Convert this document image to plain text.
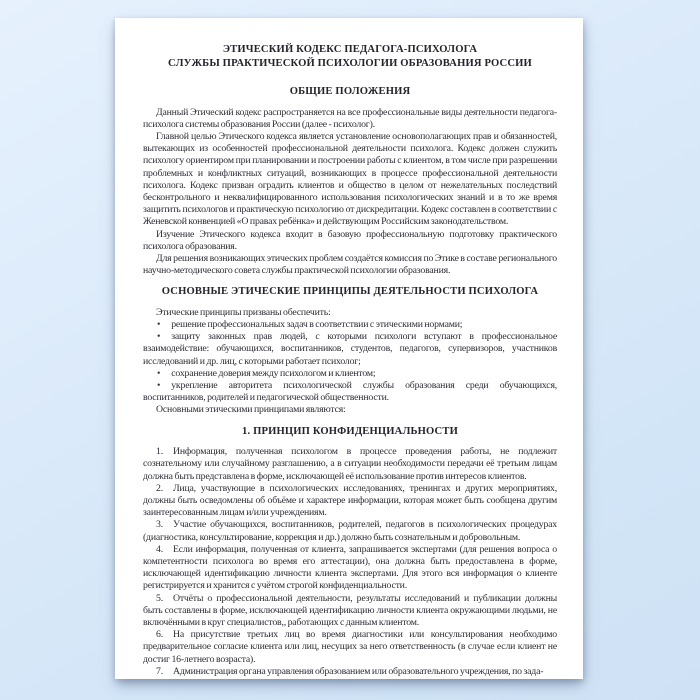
ЭТИЧЕСКИЙ КОДЕКС ПЕДАГОГА-ПСИХОЛОГА
СЛУЖБЫ ПРАКТИЧЕСКОЙ ПСИХОЛОГИИ ОБРАЗОВАНИЯ РОССИИ
ОБЩИЕ ПОЛОЖЕНИЯ

Данный Этический кодекс распространяется на все профессиональные виды деятельности педагога-психолога системы образования России (далее - психолог).

Главной целью Этического кодекса является установление основополагающих прав и обязанностей, вытекающих из особенностей профессиональной деятельности психолога. Кодекс должен служить психологу ориентиром при планировании и построении работы с клиентом, в том числе при разрешении проблемных и конфликтных ситуаций, возникающих в процессе профессиональной деятельности психолога. Кодекс призван оградить клиентов и общество в целом от нежелательных последствий бесконтрольного и неквалифицированного использования психологических знаний и в то же время защитить психологов и практическую психологию от дискредитации. Кодекс составлен в соответствии с Женевской конвенцией «О правах ребёнка» и действующим Российским законодательством.

Изучение Этического кодекса входит в базовую профессиональную подготовку практического психолога образования.

Для решения возникающих этических проблем создаётся комиссия по Этике в составе регионального научно-методического совета службы практической психологии образования.

ОСНОВНЫЕ ЭТИЧЕСКИЕ ПРИНЦИПЫ ДЕЯТЕЛЬНОСТИ ПСИХОЛОГА

Этические принципы призваны обеспечить:

• решение профессиональных задач в соответствии с этическими нормами;

• защиту законных прав людей, с которыми психологи вступают в профессиональное взаимодействие: обучающихся, воспитанников, студентов, педагогов, супервизоров, участников исследований и др. лиц, с которыми работает психолог;

• сохранение доверия между психологом и клиентом;

• укрепление авторитета психологической службы образования среди обучающихся, воспитанников, родителей и педагогической общественности.

Основными этическими принципами являются:

1. ПРИНЦИП КОНФИДЕНЦИАЛЬНОСТИ

1. Информация, полученная психологом в процессе проведения работы, не подлежит сознательному или случайному разглашению, а в ситуации необходимости передачи её третьим лицам должна быть представлена в форме, исключающей её использование против интересов клиентов.

2. Лица, участвующие в психологических исследованиях, тренингах и других мероприятиях, должны быть осведомлены об объёме и характере информации, которая может быть сообщена другим заинтересованным лицам и/или учреждениям.

3. Участие обучающихся, воспитанников, родителей, педагогов в психологических процедурах (диагностика, консультирование, коррекция и др.) должно быть сознательным и добровольным.

4. Если информация, полученная от клиента, запрашивается экспертами (для решения вопроса о компетентности психолога во время его аттестации), она должна быть предоставлена в форме, исключающей идентификацию личности клиента экспертами. Для этого вся информация о клиенте регистрируется и хранится с учётом строгой конфиденциальности.

5. Отчёты о профессиональной деятельности, результаты исследований и публикации должны быть составлены в форме, исключающей идентификацию личности клиента окружающими людьми, не включёнными в круг специалистов,, работающих с данным клиентом.

6. На присутствие третьих лиц во время диагностики или консультирования необходимо предварительное согласие клиента или лиц, несущих за него ответственность (в случае если клиент не достиг 16-летнего возраста).

7. Администрация органа управления образованием или образовательного учреждения, по зада-
